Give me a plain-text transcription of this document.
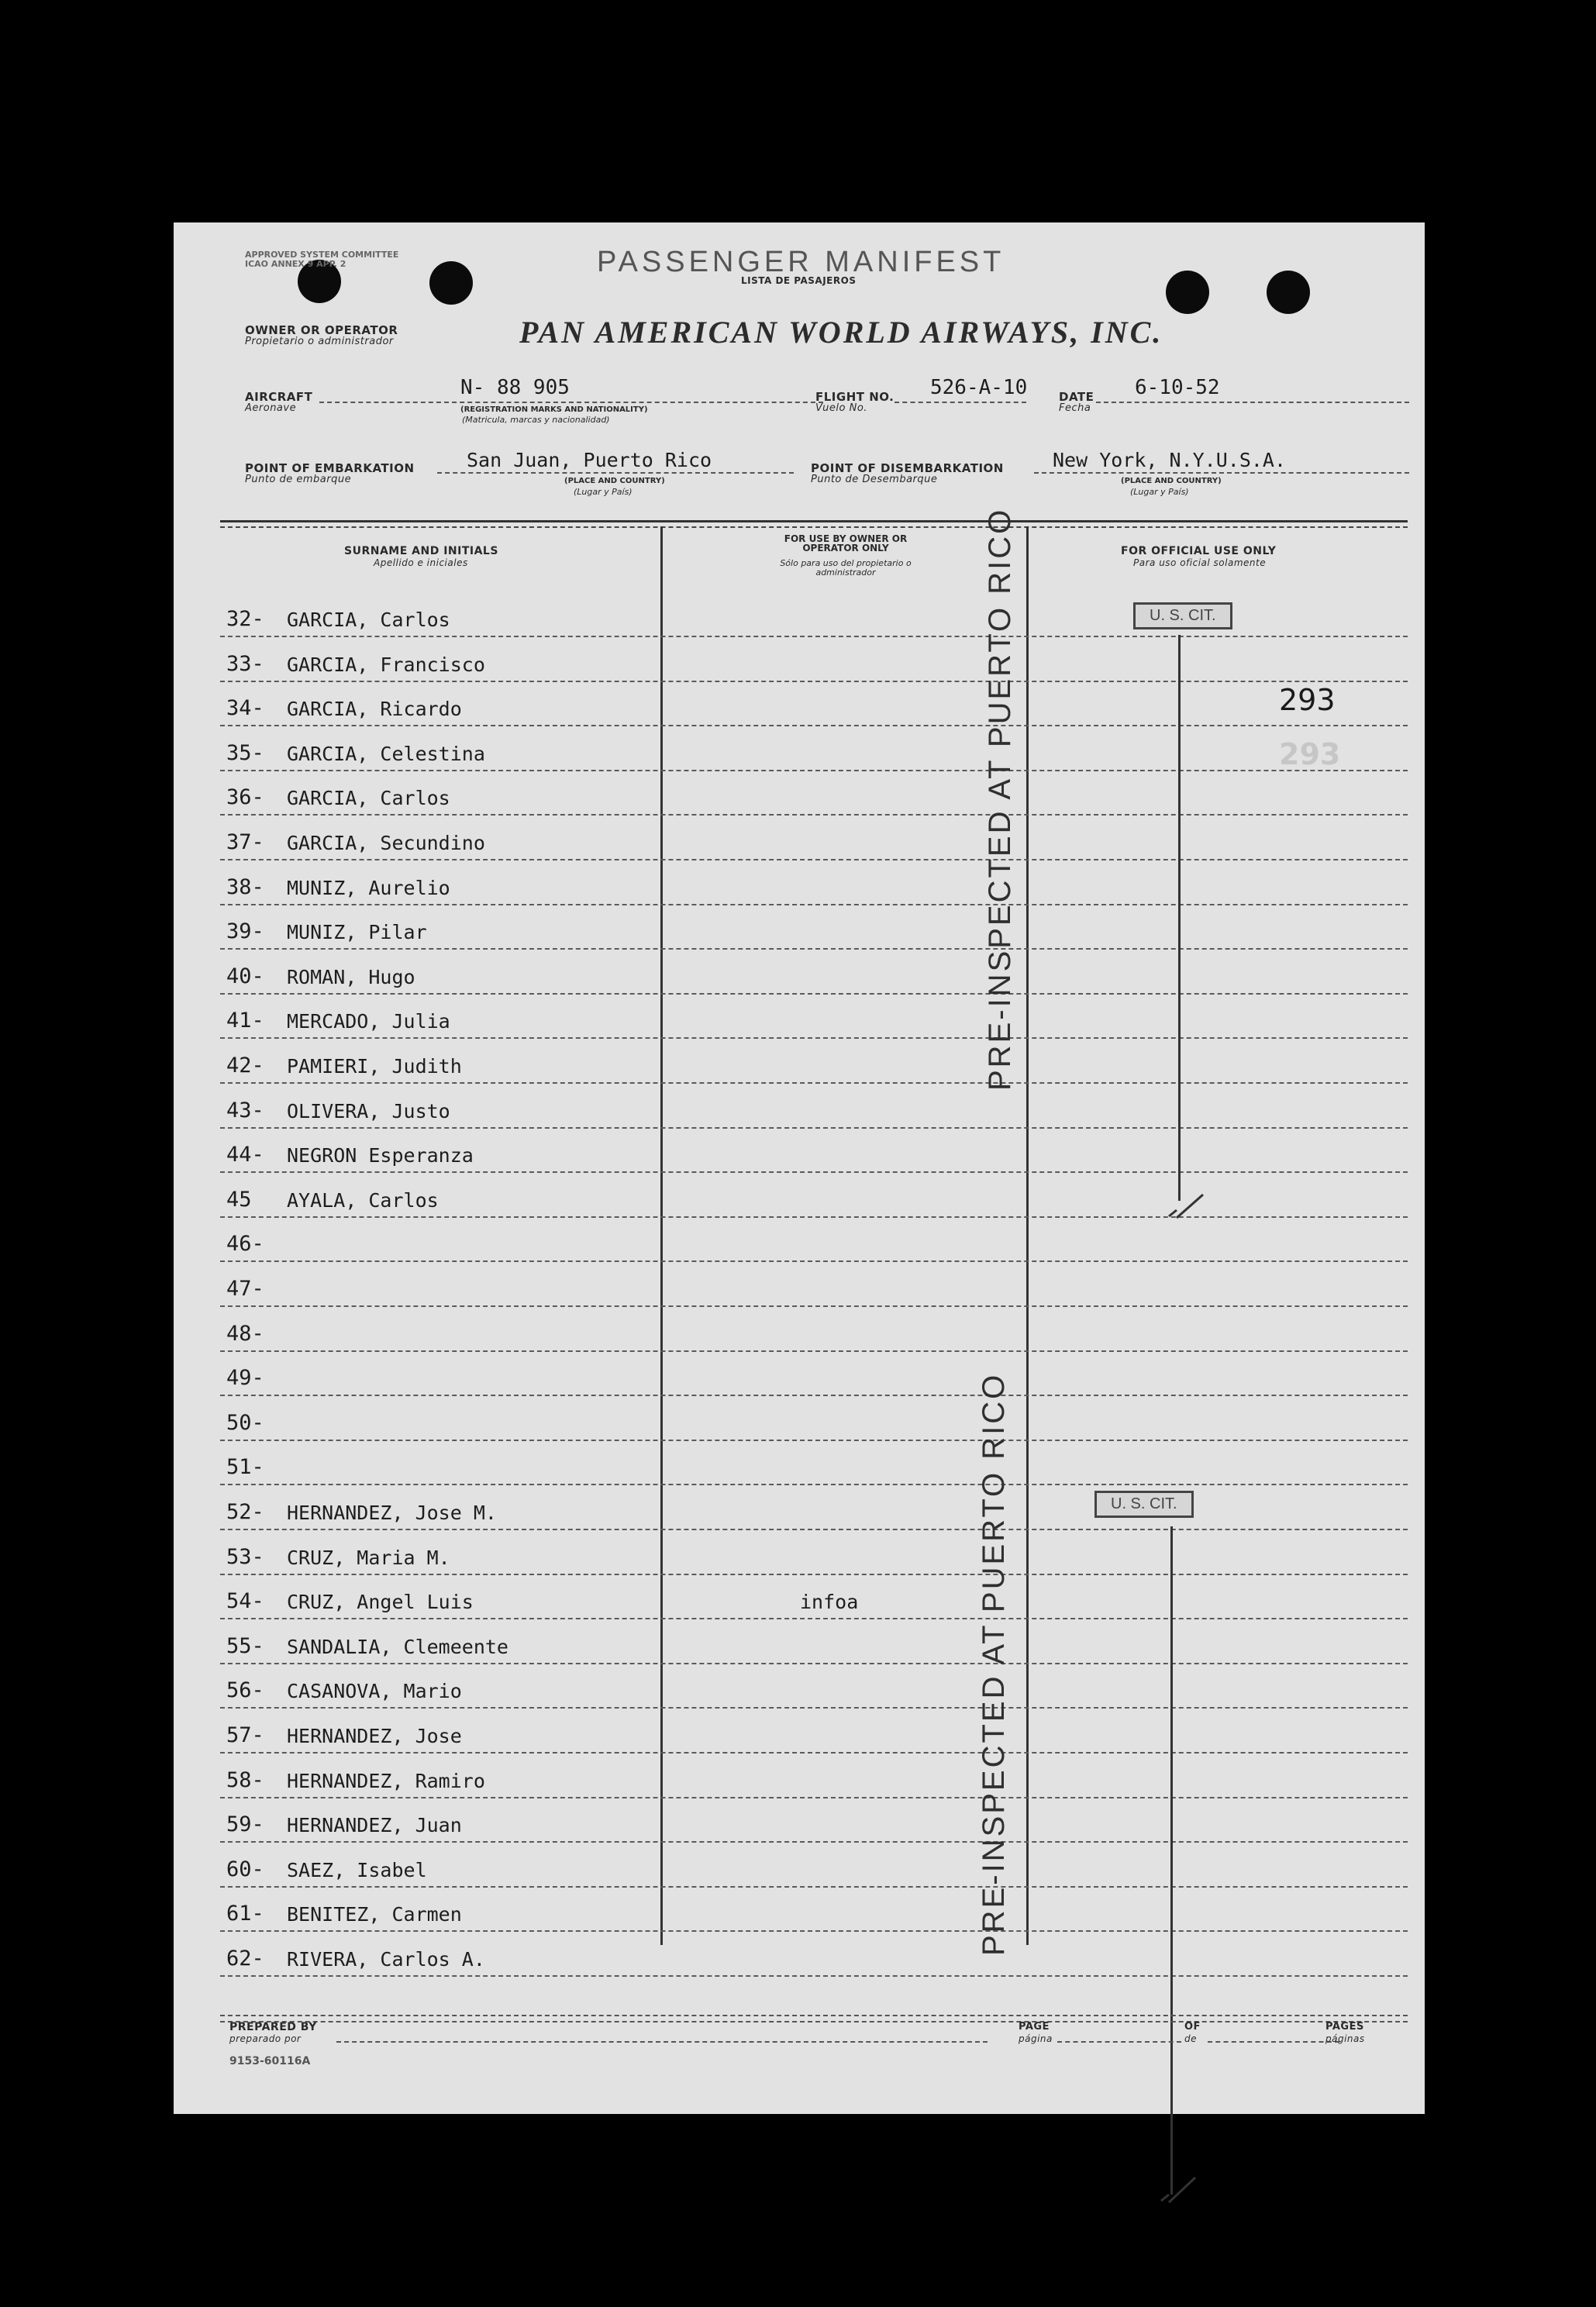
APPROVED SYSTEM COMMITTEE ICAO ANNEX 9 APP. 2	PASSENGER MANIFEST
LISTA DE PASAJEROS
OWNER OR OPERATOR
Propietario o administrador	PAN AMERICAN WORLD AIRWAYS, INC.
AIRCRAFT
Aeronave
N- 88 905
(REGISTRATION MARKS AND NATIONALITY)
(Matricula, marcas y nacionalidad)
FLIGHT NO.
Vuelo No.
526-A-10	DATE
Fecha
6-10-52
POINT OF EMBARKATION
Punto de embarque
San Juan, Puerto Rico
(PLACE AND COUNTRY)
(Lugar y País)
POINT OF DISEMBARKATION
Punto de Desembarque
New York, N.Y.U.S.A.
(PLACE AND COUNTRY)
(Lugar y País)
SURNAME AND INITIALS
Apellido e iniciales
FOR USE BY OWNER OR OPERATOR ONLY
Sólo para uso del propietario o administrador
FOR OFFICIAL USE ONLY
Para uso oficial solamente
32- GARCIA, Carlos
33- GARCIA, Francisco
34- GARCIA, Ricardo
35- GARCIA, Celestina
36- GARCIA, Carlos
37- GARCIA, Secundino
38- MUNIZ, Aurelio
39- MUNIZ, Pilar
40- ROMAN, Hugo
41- MERCADO, Julia
42- PAMIERI, Judith
43- OLIVERA, Justo
44- NEGRON Esperanza
45 AYALA, Carlos
46-
47-
48-
49-
50-
51-
52- HERNANDEZ, Jose M.
53- CRUZ, Maria M.
54- CRUZ, Angel Luis	infoa
55- SANDALIA, Clemeente
56- CASANOVA, Mario
57- HERNANDEZ, Jose
58- HERNANDEZ, Ramiro
59- HERNANDEZ, Juan
60- SAEZ, Isabel
61- BENITEZ, Carmen
62- RIVERA, Carlos A.
PRE-INSPECTED AT PUERTO RICO
PRE-INSPECTED AT PUERTO RICO
U. S. CIT.
U. S. CIT.
293
293
PREPARED BY
preparado por
PAGE
página
OF
de
PAGES
páginas
9153-60116A
